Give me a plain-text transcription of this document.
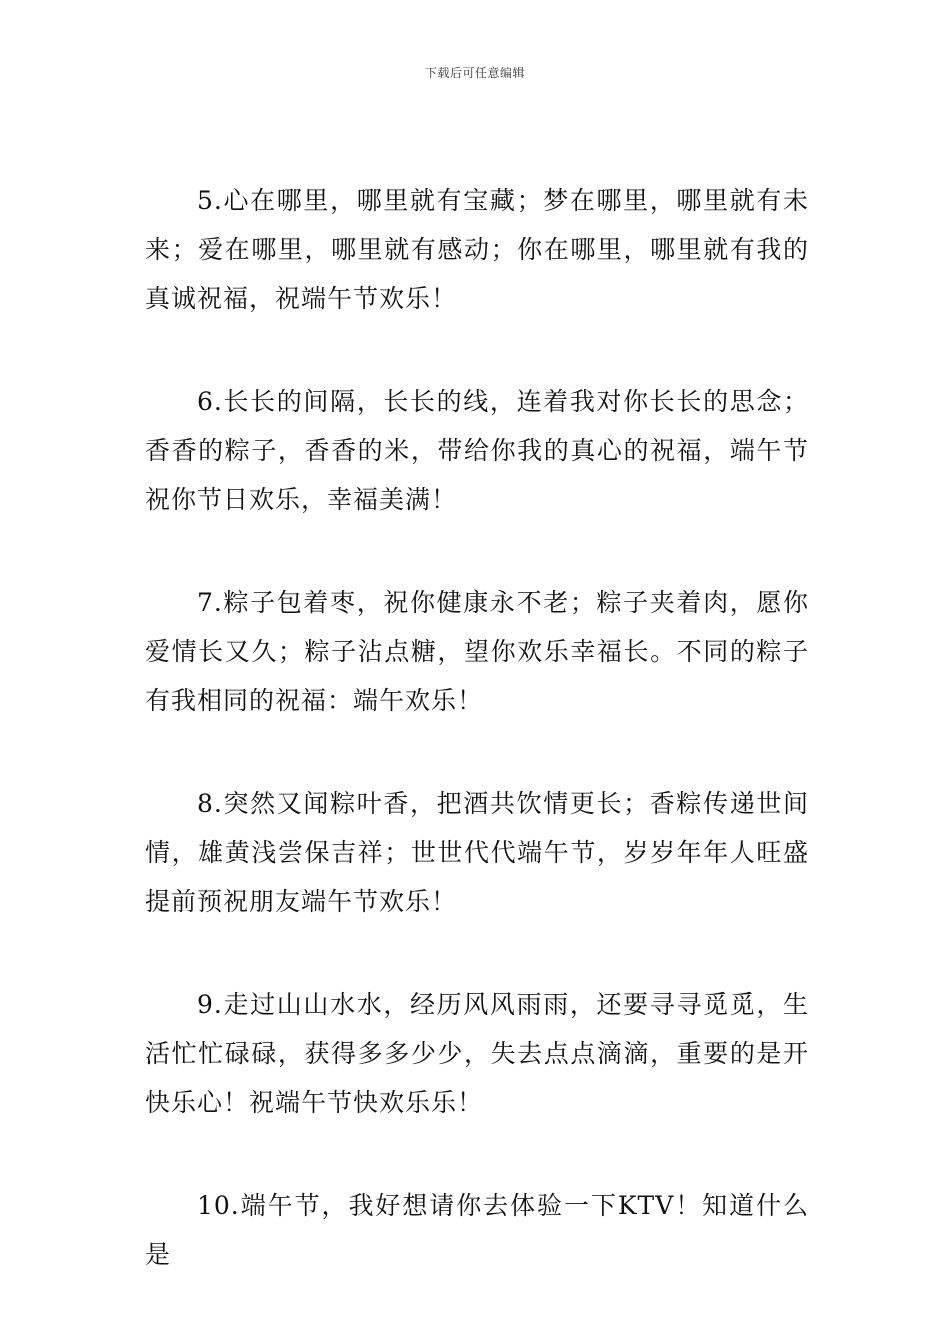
下载后可任意编辑

5.心在哪里，哪里就有宝藏；梦在哪里，哪里就有未来；爱在哪里，哪里就有感动；你在哪里，哪里就有我的真诚祝福，祝端午节欢乐！

6.长长的间隔，长长的线，连着我对你长长的思念；香香的粽子，香香的米，带给你我的真心的祝福，端午节祝你节日欢乐，幸福美满！

7.粽子包着枣，祝你健康永不老；粽子夹着肉，愿你爱情长又久；粽子沾点糖，望你欢乐幸福长。不同的粽子有我相同的祝福：端午欢乐！

8.突然又闻粽叶香，把酒共饮情更长；香粽传递世间情，雄黄浅尝保吉祥；世世代代端午节，岁岁年年人旺盛提前预祝朋友端午节欢乐！

9.走过山山水水，经历风风雨雨，还要寻寻觅觅，生活忙忙碌碌，获得多多少少，失去点点滴滴，重要的是开快乐心！祝端午节快欢乐乐！

10.端午节，我好想请你去体验一下KTV！知道什么是
